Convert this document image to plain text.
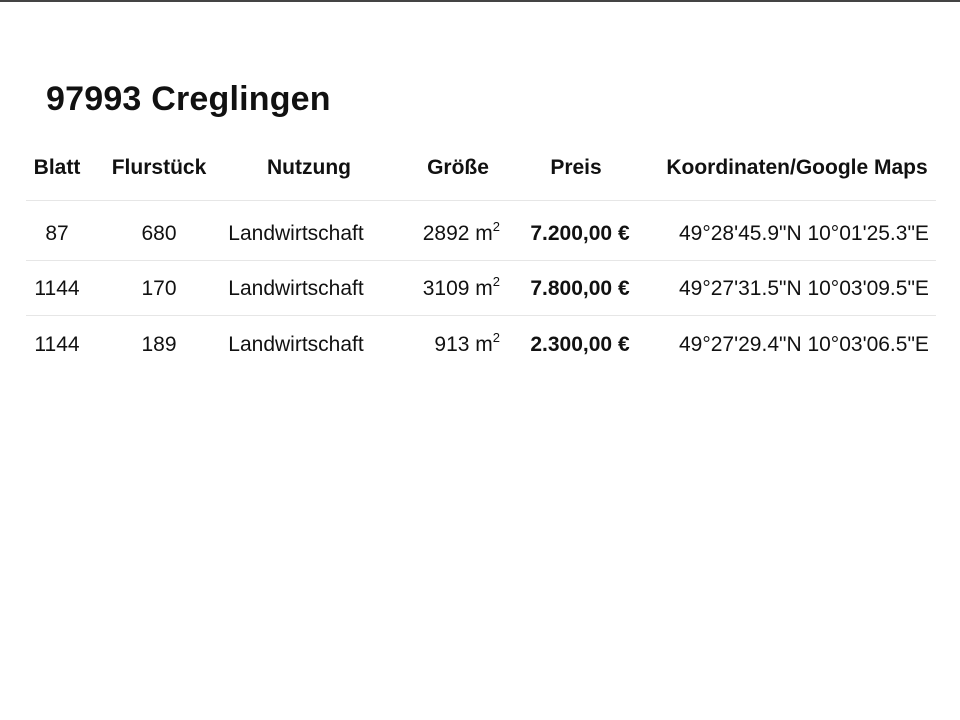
97993 Creglingen
Blatt Flurstück	Nutzung	Größe	Preis	Koordinaten/Google Maps
87	680 Landwirtschaft	2892 $m^2$ 7.200,00 € 49°28'45.9"N 10°01'25.3"E
1144	170 Landwirtschaft	3109 $m^2$ 7.800,00 € 49°27'31.5"N 10°03'09.5"E
1144	189 Landwirtschaft	913 $m^2$ 2.300,00 € 49°27'29.4"N 10°03'06.5"E
